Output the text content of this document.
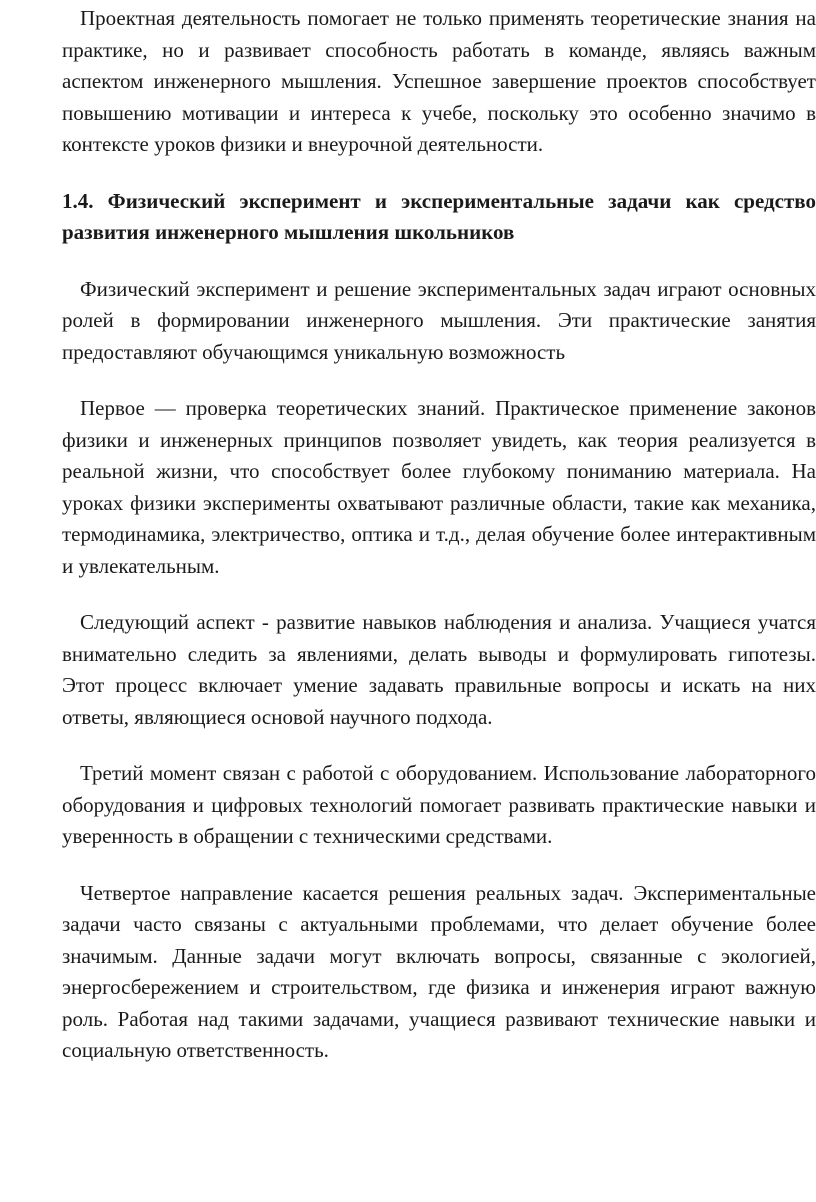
Проектная деятельность помогает не только применять теоретические знания на практике, но и развивает способность работать в команде, являясь важным аспектом инженерного мышления. Успешное завершение проектов способствует повышению мотивации и интереса к учебе, поскольку это особенно значимо в контексте уроков физики и внеурочной деятельности.

1.4. Физический эксперимент и экспериментальные задачи как средство развития инженерного мышления школьников

Физический эксперимент и решение экспериментальных задач играют основных ролей в формировании инженерного мышления. Эти практические занятия предоставляют обучающимся уникальную возможность

Первое — проверка теоретических знаний. Практическое применение законов физики и инженерных принципов позволяет увидеть, как теория реализуется в реальной жизни, что способствует более глубокому пониманию материала. На уроках физики эксперименты охватывают различные области, такие как механика, термодинамика, электричество, оптика и т.д., делая обучение более интерактивным и увлекательным.

Следующий аспект - развитие навыков наблюдения и анализа. Учащиеся учатся внимательно следить за явлениями, делать выводы и формулировать гипотезы. Этот процесс включает умение задавать правильные вопросы и искать на них ответы, являющиеся основой научного подхода.

Третий момент связан с работой с оборудованием. Использование лабораторного оборудования и цифровых технологий помогает развивать практические навыки и уверенность в обращении с техническими средствами.

Четвертое направление касается решения реальных задач. Экспериментальные задачи часто связаны с актуальными проблемами, что делает обучение более значимым. Данные задачи могут включать вопросы, связанные с экологией, энергосбережением и строительством, где физика и инженерия играют важную роль. Работая над такими задачами, учащиеся развивают технические навыки и социальную ответственность.
